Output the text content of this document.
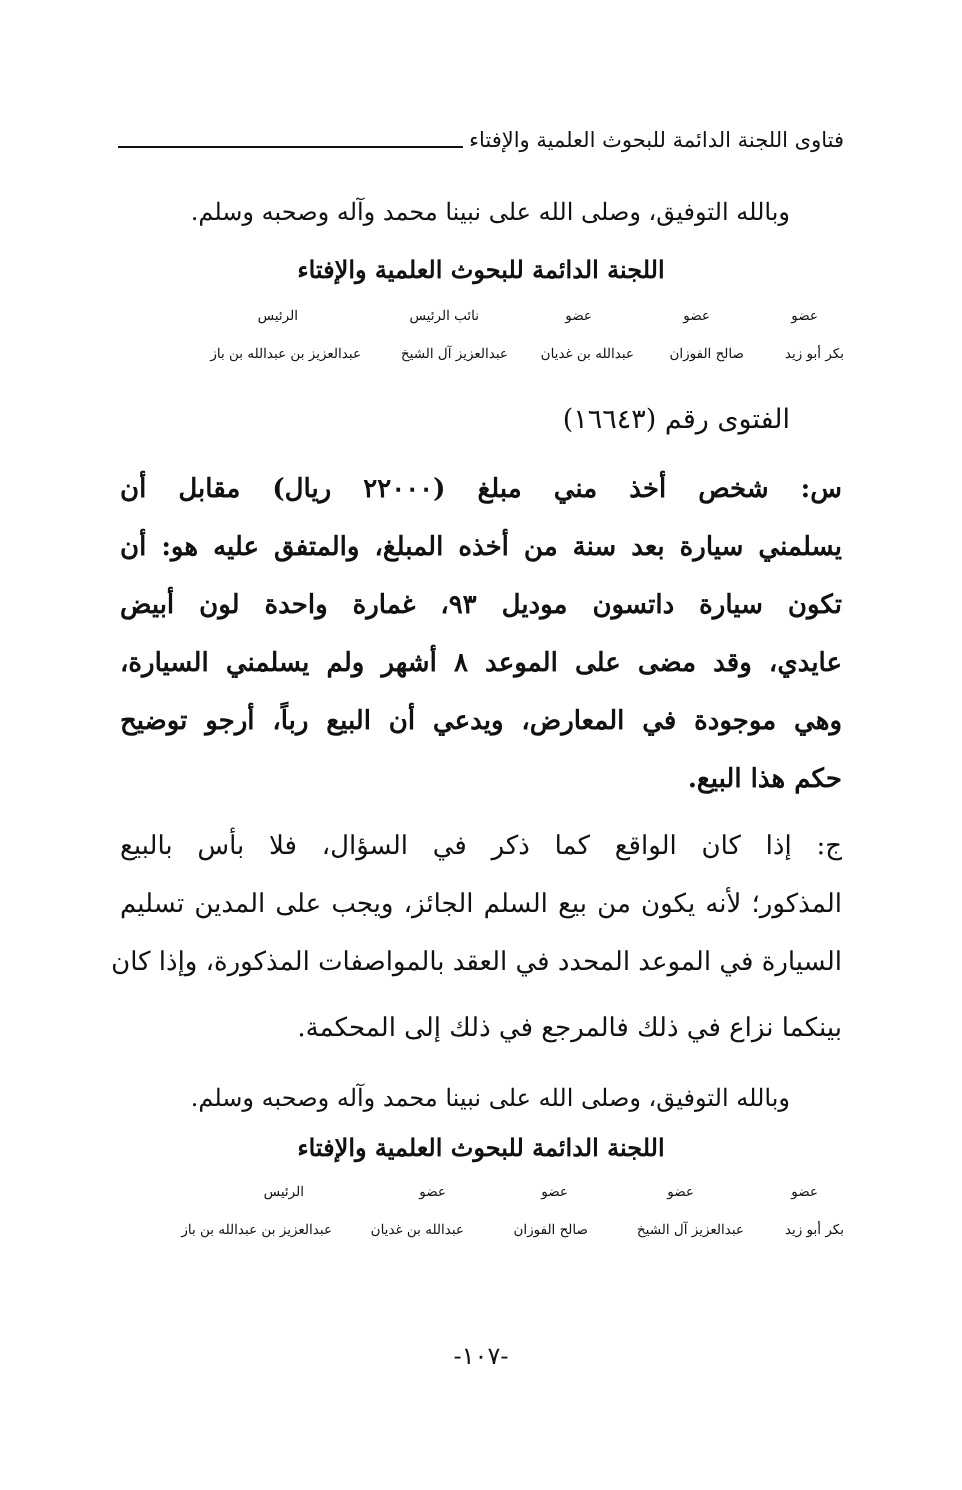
فتاوى اللجنة الدائمة للبحوث العلمية والإفتاء
وبالله التوفيق، وصلى الله على نبينا محمد وآله وصحبه وسلم.
اللجنة الدائمة للبحوث العلمية والإفتاء
عضو
عضو
عضو
نائب الرئيس
الرئيس
بكر أبو زيد
صالح الفوزان
عبدالله بن غديان
عبدالعزيز آل الشيخ
عبدالعزيز بن عبدالله بن باز
الفتوى رقم (١٦٦٤٣)
س: شخص أخذ مني مبلغ (٢٢٠٠٠ ريال) مقابل أن
يسلمني سيارة بعد سنة من أخذه المبلغ، والمتفق عليه هو: أن
تكون سيارة داتسون موديل ٩٣، غمارة واحدة لون أبيض
عايدي، وقد مضى على الموعد ٨ أشهر ولم يسلمني السيارة،
وهي موجودة في المعارض، ويدعي أن البيع رباً، أرجو توضيح
حكم هذا البيع.
ج: إذا كان الواقع كما ذكر في السؤال، فلا بأس بالبيع
المذكور؛ لأنه يكون من بيع السلم الجائز، ويجب على المدين تسليم
السيارة في الموعد المحدد في العقد بالمواصفات المذكورة، وإذا كان
بينكما نزاع في ذلك فالمرجع في ذلك إلى المحكمة.
وبالله التوفيق، وصلى الله على نبينا محمد وآله وصحبه وسلم.
اللجنة الدائمة للبحوث العلمية والإفتاء
عضو
عضو
عضو
عضو
الرئيس
بكر أبو زيد
عبدالعزيز آل الشيخ
صالح الفوزان
عبدالله بن غديان
عبدالعزيز بن عبدالله بن باز
-١٠٧-
